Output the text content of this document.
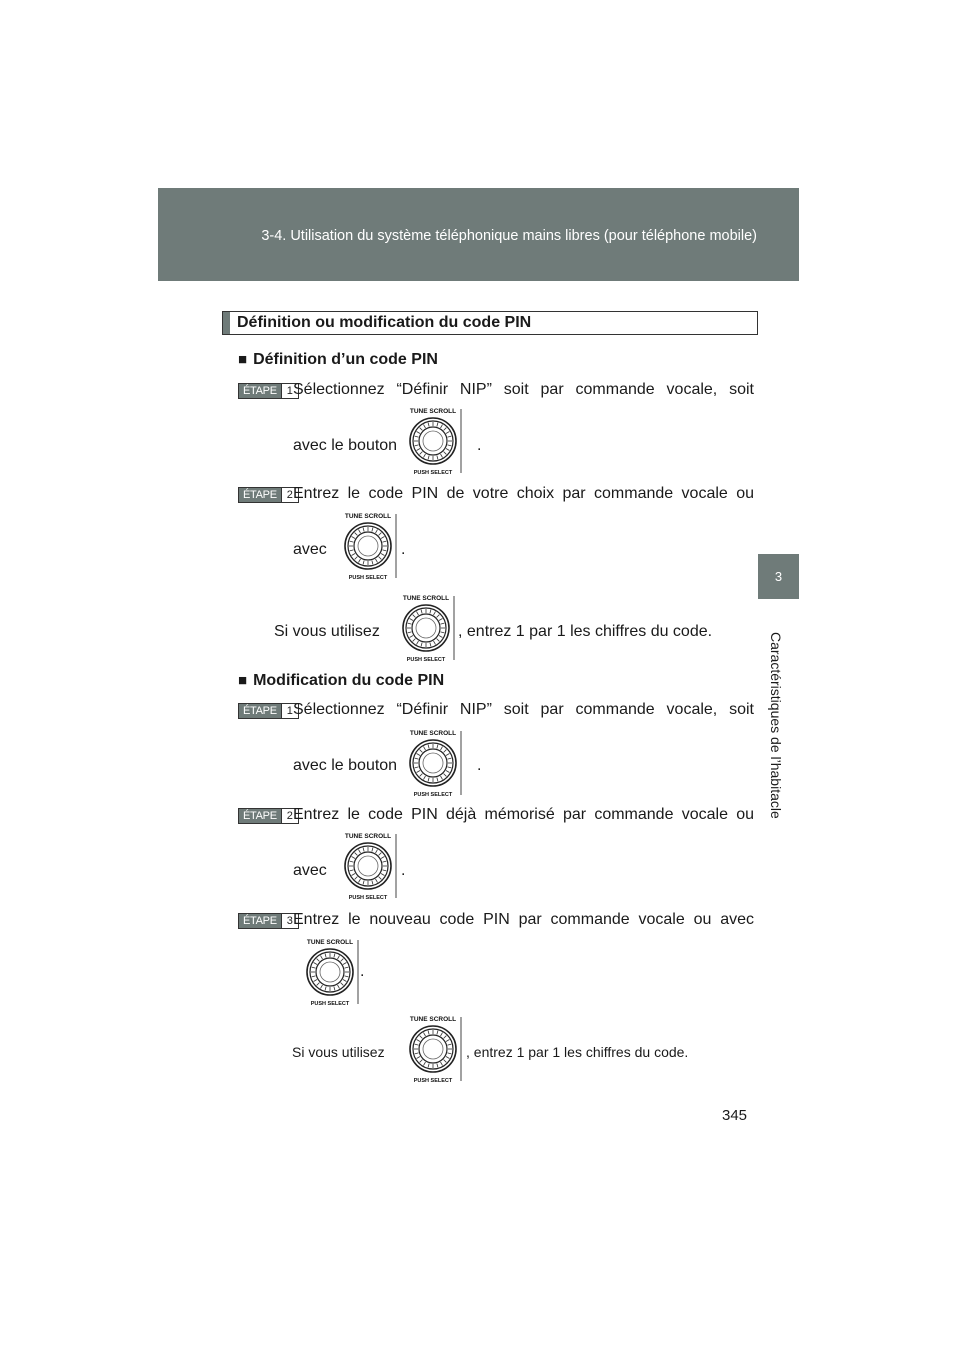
3-4. Utilisation du système téléphonique mains libres (pour téléphone mobile)
3
Caractéristiques de l’habitacle
Définition ou modification du code PIN
■ Définition d’un code PIN
ÉTAPE 1 Sélectionnez “Définir NIP” soit par commande vocale, soit
avec le bouton
TUNE SCROLL
PUSH SELECT
.
ÉTAPE 2 Entrez le code PIN de votre choix par commande vocale ou
avec
TUNE SCROLL
PUSH SELECT
.
Si vous utilisez
TUNE SCROLL
PUSH SELECT
, entrez 1 par 1 les chiffres du code.
■ Modification du code PIN
ÉTAPE 1 Sélectionnez “Définir NIP” soit par commande vocale, soit
avec le bouton
TUNE SCROLL
PUSH SELECT
.
ÉTAPE 2 Entrez le code PIN déjà mémorisé par commande vocale ou
avec
TUNE SCROLL
PUSH SELECT
.
ÉTAPE 3 Entrez le nouveau code PIN par commande vocale ou avec
TUNE SCROLL
PUSH SELECT
.
Si vous utilisez
TUNE SCROLL
PUSH SELECT
, entrez 1 par 1 les chiffres du code.
345
